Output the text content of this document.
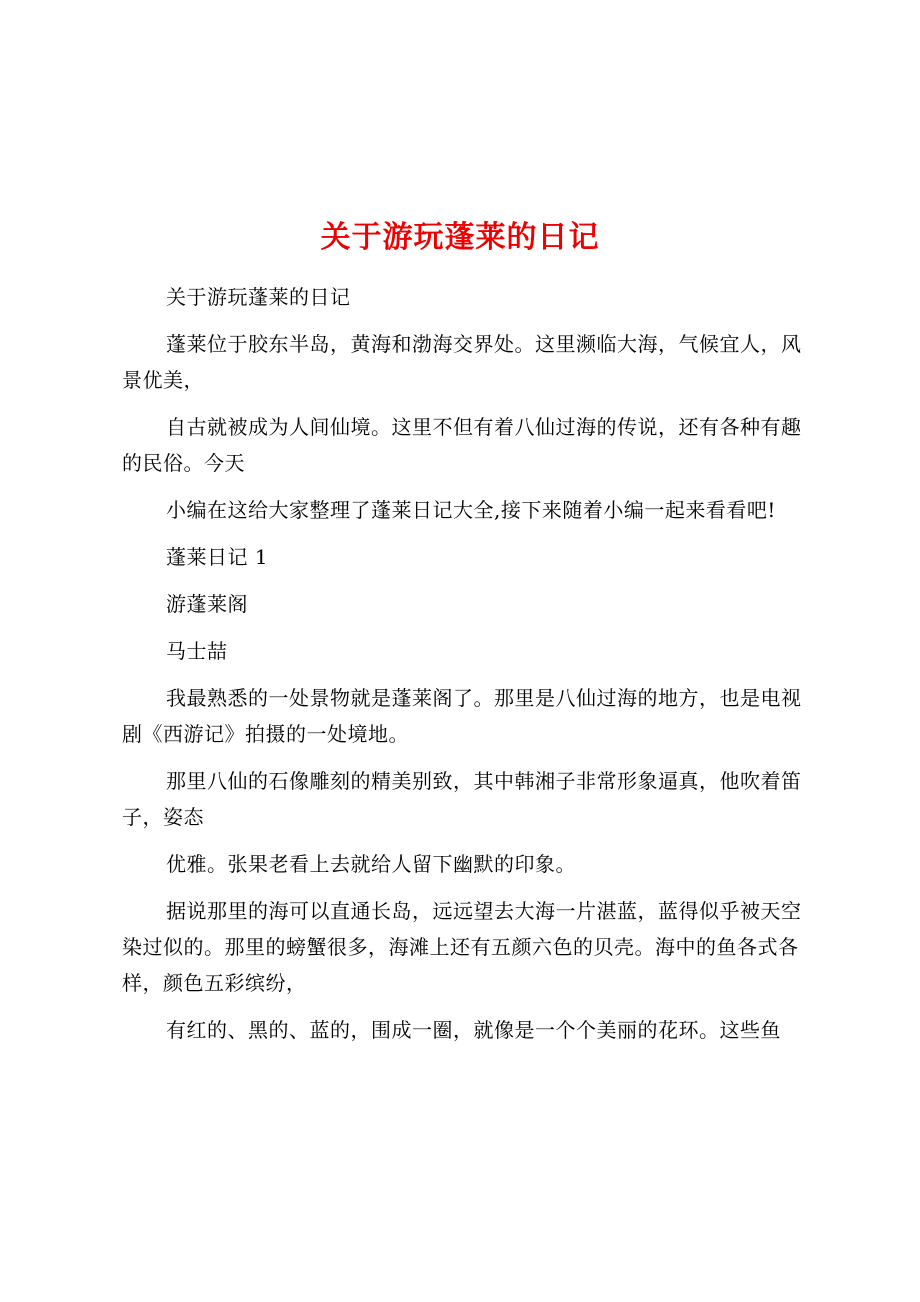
关于游玩蓬莱的日记

关于游玩蓬莱的日记

蓬莱位于胶东半岛，黄海和渤海交界处。这里濒临大海，气候宜人，风景优美，

自古就被成为人间仙境。这里不但有着八仙过海的传说，还有各种有趣的民俗。今天

小编在这给大家整理了蓬莱日记大全,接下来随着小编一起来看看吧!

蓬莱日记 1

游蓬莱阁

马士喆

我最熟悉的一处景物就是蓬莱阁了。那里是八仙过海的地方，也是电视剧《西游记》拍摄的一处境地。

那里八仙的石像雕刻的精美别致，其中韩湘子非常形象逼真，他吹着笛子，姿态

优雅。张果老看上去就给人留下幽默的印象。

据说那里的海可以直通长岛，远远望去大海一片湛蓝，蓝得似乎被天空染过似的。那里的螃蟹很多，海滩上还有五颜六色的贝壳。海中的鱼各式各样，颜色五彩缤纷，

有红的、黑的、蓝的，围成一圈，就像是一个个美丽的花环。这些鱼
